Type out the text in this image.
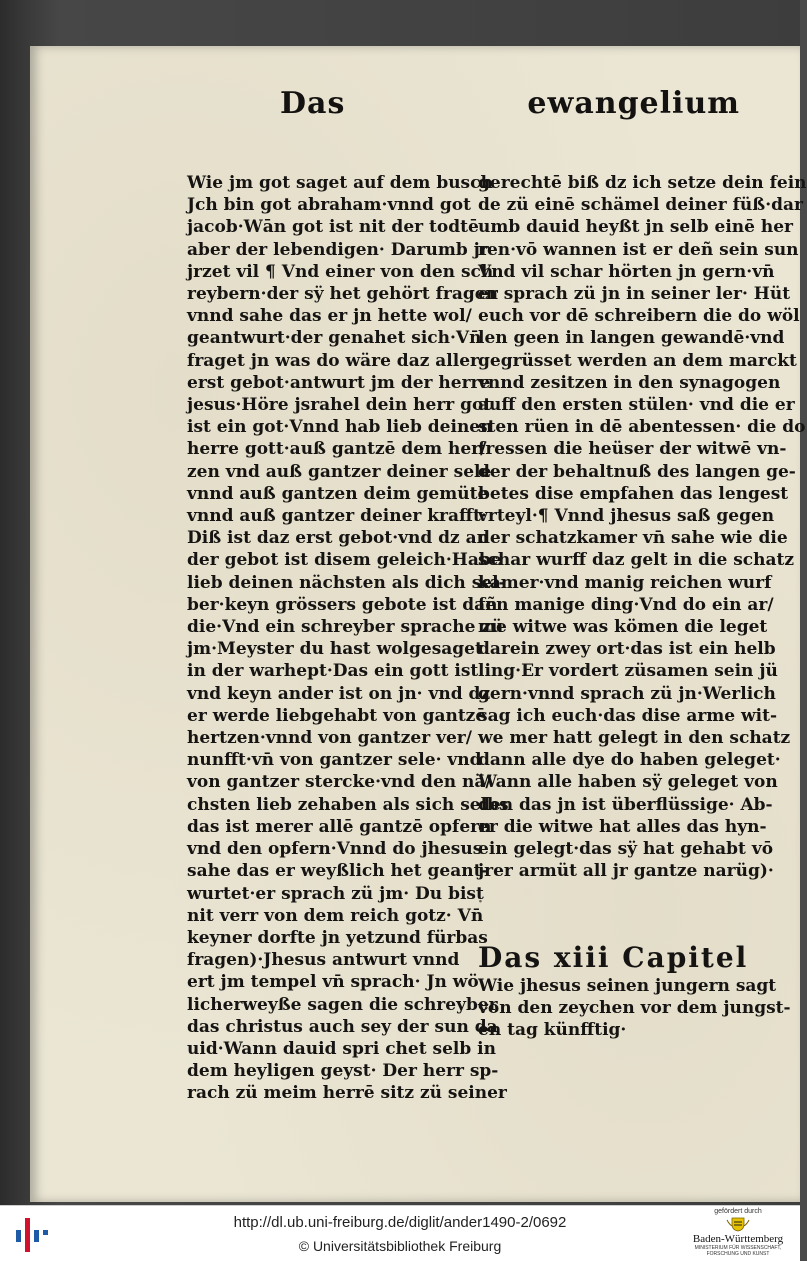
Das	ewangelium
Wie jm got saget auf dem busch
Jch bin got abraham·vnnd got
jacob·Wān got ist nit der todtē
aber der lebendigen· Darumb jr
jrzet vil ¶ Vnd einer von den sch
reybern·der sÿ het gehört fragen
vnnd sahe das er jn hette wol/
geantwurt·der genahet sich·Vn̄
fraget jn was do wäre daz aller
erst gebot·antwurt jm der herre
jesus·Höre jsrahel dein herr got
ist ein got·Vnnd hab lieb deinen
herre gott·auß gantzē dem her/
zen vnd auß gantzer deiner sele
vnnd auß gantzen deim gemüte
vnnd auß gantzer deiner krafft·
Diß ist daz erst gebot·vnd dz an
der gebot ist disem geleich·Habe
lieb deinen nächsten als dich sel-
ber·keyn grössers gebote ist dañ
die·Vnd ein schreyber sprache zü
jm·Meyster du hast wolgesaget
in der warhept·Das ein gott ist
vnd keyn ander ist on jn· vnd dz
er werde liebgehabt von gantzē
hertzen·vnnd von gantzer ver/
nunfft·vn̄ von gantzer sele· vnd
von gantzer stercke·vnd den nä/
chsten lieb zehaben als sich selbs
das ist merer allē gantzē opfern
vnd den opfern·Vnnd do jhesus
sahe das er weyßlich het geant-
wurtet·er sprach zü jm· Du bist
nit verr von dem reich gotz· Vn̄
keyner dorfte jn yetzund fürbas
fragen)·Jhesus antwurt vnnd
ert jm tempel vn̄ sprach· Jn wö
licherweyße sagen die schreyber
das christus auch sey der sun da
uid·Wann dauid spri chet selb in
dem heyligen geyst· Der herr sp-
rach zü meim herrē sitz zü seiner
gerechtē biß dz ich setze dein fein
de zü einē schämel deiner füß·dar
umb dauid heyßt jn selb einē her
ren·vō wannen ist er deñ sein sun
Vnd vil schar hörten jn gern·vn̄
er sprach zü jn in seiner ler· Hüt
euch vor dē schreibern die do wöl
len geen in langen gewandē·vnd
gegrüsset werden an dem marckt
vnnd zesitzen in den synagogen
auff den ersten stülen· vnd die er
sten rüen in dē abentessen· die do
fressen die heüser der witwē vn-
der der behaltnuß des langen ge-
betes dise empfahen das lengest
vrteyl·¶ Vnnd jhesus saß gegen
der schatzkamer vn̄ sahe wie die
schar wurff daz gelt in die schatz
kamer·vnd manig reichen wurf
fen manige ding·Vnd do ein ar/
me witwe was kömen die leget
darein zwey ort·das ist ein helb
ling·Er vordert züsamen sein jü
gern·vnnd sprach zü jn·Werlich
sag ich euch·das dise arme wit-
we mer hatt gelegt in den schatz
dann alle dye do haben geleget·
Wann alle haben sÿ geleget von
den das jn ist überflüssige· Ab-
er die witwe hat alles das hyn-
ein gelegt·das sÿ hat gehabt vō
jrer armüt all jr gantze narüg)·
·
Das xiii Capitel
Wie jhesus seinen jungern sagt
von den zeychen vor dem jungst-
en tag künfftig·
http://dl.ub.uni-freiburg.de/diglit/ander1490-2/0692
© Universitätsbibliothek Freiburg
gefördert durch
Baden-Württemberg
MINISTERIUM FÜR WISSENSCHAFT, FORSCHUNG UND KUNST
